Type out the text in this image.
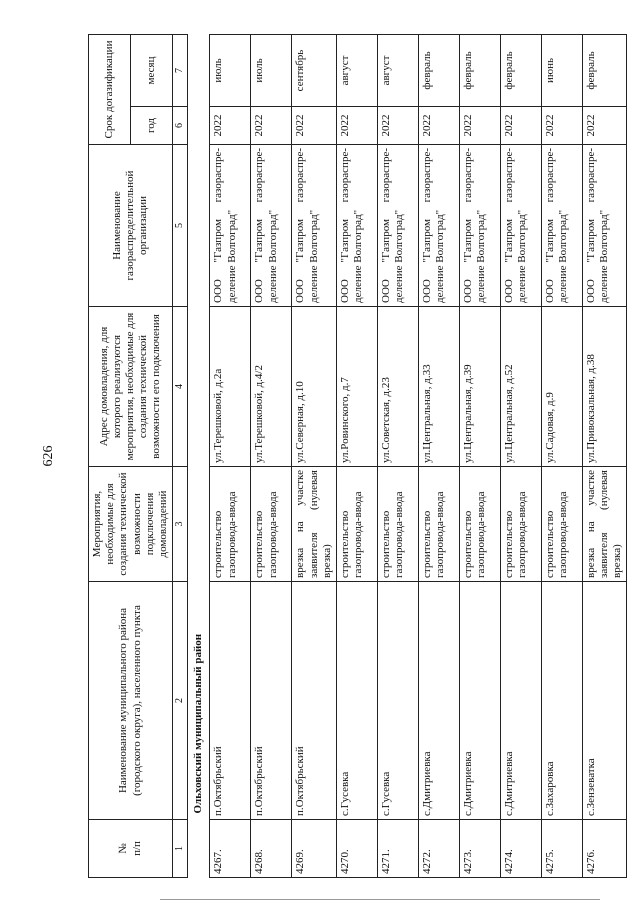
626
№
п/п	Наименование муниципального района (городского округа), населенного пункта	Мероприятия, необходимые для создания технической возможности подключения домовладений	Адрес домовладения, для которого реализуются мероприятия, необходимые для создания технической возможности его подключения	Наименование газораспределительной организации	Срок догазификации	
					год	месяц
1	2	3	4	5	6	7
	Ольховский муниципальный район					
4267.	п.Октябрьский	строительство газопровода-ввода	ул.Терешковой, д.2а	ООО "Газпром газораспре-деление Волгоград"	2022	июль
4268.	п.Октябрьский	строительство газопровода-ввода	ул.Терешковой, д.4/2	ООО "Газпром газораспре-деление Волгоград"	2022	июль
4269.	п.Октябрьский	врезка на участке заявителя (нулевая врезка)	ул.Северная, д.10	ООО "Газпром газораспре-деление Волгоград"	2022	сентябрь
4270.	с.Гусевка	строительство газопровода-ввода	ул.Ровинского, д.7	ООО "Газпром газораспре-деление Волгоград"	2022	август
4271.	с.Гусевка	строительство газопровода-ввода	ул.Советская, д.23	ООО "Газпром газораспре-деление Волгоград"	2022	август
4272.	с.Дмитриевка	строительство газопровода-ввода	ул.Центральная, д.33	ООО "Газпром газораспре-деление Волгоград"	2022	февраль
4273.	с.Дмитриевка	строительство газопровода-ввода	ул.Центральная, д.39	ООО "Газпром газораспре-деление Волгоград"	2022	февраль
4274.	с.Дмитриевка	строительство газопровода-ввода	ул.Центральная, д.52	ООО "Газпром газораспре-деление Волгоград"	2022	февраль
4275.	с.Захаровка	строительство газопровода-ввода	ул.Садовая, д.9	ООО "Газпром газораспре-деление Волгоград"	2022	июнь
4276.	с.Зензеватка	врезка на участке заявителя (нулевая врезка)	ул.Привокзальная, д.38	ООО "Газпром газораспре-деление Волгоград"	2022	февраль
